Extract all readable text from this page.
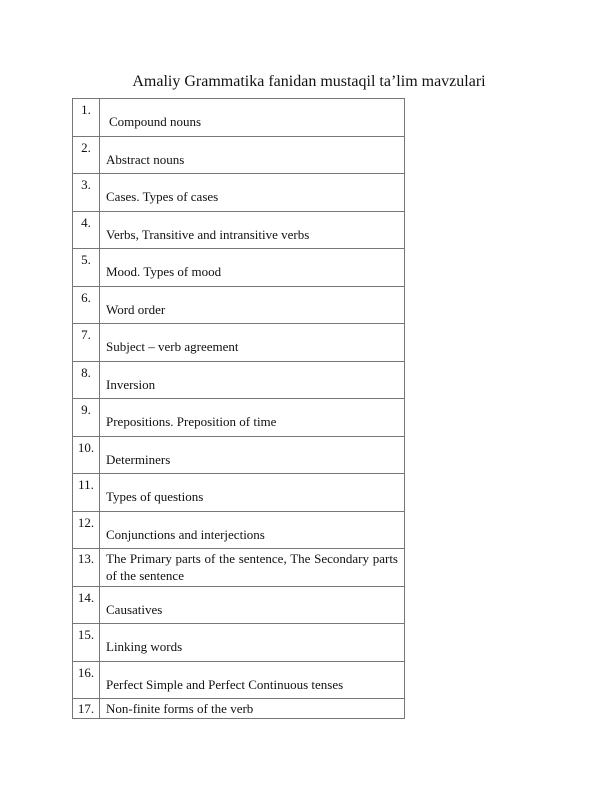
Amaliy Grammatika fanidan mustaqil ta’lim mavzulari
1.	Compound nouns
2.	Abstract nouns
3.	Cases. Types of cases
4.	Verbs, Transitive and intransitive verbs
5.	Mood. Types of mood
6.	Word order
7.	Subject – verb agreement
8.	Inversion
9.	Prepositions. Preposition of time
10.	Determiners
11.	Types of questions
12.	Conjunctions and interjections
13.	The Primary parts of the sentence, The Secondary parts of the sentence
14.	Causatives
15.	Linking words
16.	Perfect Simple and Perfect Continuous tenses
17.	Non-finite forms of the verb
